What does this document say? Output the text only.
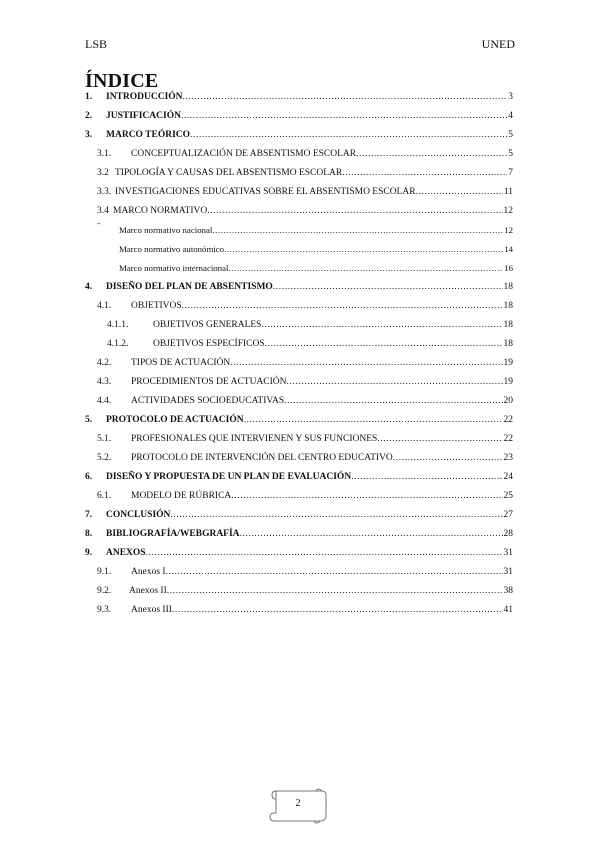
LSB	UNED
ÍNDICE
ˉ
1.	INTRODUCCIÓN .....	3
2.	JUSTIFICACIÓN .....	4
3.	MARCO TEÓRICO .....	5
3.1.	CONCEPTUALIZACIÓN DE ABSENTISMO ESCOLAR .....	5
3.2 TIPOLOGÍA Y CAUSAS DEL ABSENTISMO ESCOLAR .....	7
3.3. INVESTIGACIONES EDUCATIVAS SOBRE EL ABSENTISMO ESCOLAR .....	11
3.4 MARCO NORMATIVO .....	12
Marco normativo nacional .....	12
Marco normativo autonómico .....	14
Marco normativo internacional .....	16
4.	DISEÑO DEL PLAN DE ABSENTISMO .....	18
4.1.	OBJETIVOS .....	18
4.1.1.	OBJETIVOS GENERALES .....	18
4.1.2.	OBJETIVOS ESPECÍFICOS .....	18
4.2.	TIPOS DE ACTUACIÓN .....	19
4.3.	PROCEDIMIENTOS DE ACTUACIÓN .....	19
4.4.	ACTIVIDADES SOCIOEDUCATIVAS .....	20
5.	PROTOCOLO DE ACTUACIÓN .....	22
5.1.	PROFESIONALES QUE INTERVIENEN Y SUS FUNCIONES .....	22
5.2.	PROTOCOLO DE INTERVENCIÓN DEL CENTRO EDUCATIVO .....	23
6.	DISEÑO Y PROPUESTA DE UN PLAN DE EVALUACIÓN .....	24
6.1.	MODELO DE RÚBRICA .....	25
7.	CONCLUSIÓN .....	27
8.	BIBLIOGRAFÍA/WEBGRAFÍA .....	28
9.	ANEXOS .....	31
9.1.	Anexos I .....	31
9.2.	Anexos II .....	38
9.3.	Anexos III .....	41
2
